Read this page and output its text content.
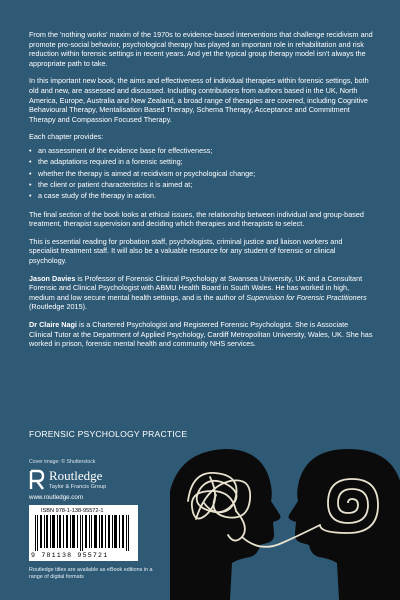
From the 'nothing works' maxim of the 1970s to evidence-based interventions that challenge recidivism and promote pro-social behavior, psychological therapy has played an important role in rehabilitation and risk reduction within forensic settings in recent years. And yet the typical group therapy model isn't always the appropriate path to take.

In this important new book, the aims and effectiveness of individual therapies within forensic settings, both old and new, are assessed and discussed. Including contributions from authors based in the UK, North America, Europe, Australia and New Zealand, a broad range of therapies are covered, including Cognitive Behavioural Therapy, Mentalisation Based Therapy, Schema Therapy, Acceptance and Commitment Therapy and Compassion Focused Therapy.

Each chapter provides:

• an assessment of the evidence base for effectiveness;
• the adaptations required in a forensic setting;
• whether the therapy is aimed at recidivism or psychological change;
• the client or patient characteristics it is aimed at;
• a case study of the therapy in action.

The final section of the book looks at ethical issues, the relationship between individual and group-based treatment, therapist supervision and deciding which therapies and therapists to select.

This is essential reading for probation staff, psychologists, criminal justice and liaison workers and specialist treatment staff. It will also be a valuable resource for any student of forensic or clinical psychology.

Jason Davies is Professor of Forensic Clinical Psychology at Swansea University, UK and a Consultant Forensic and Clinical Psychologist with ABMU Health Board in South Wales. He has worked in high, medium and low secure mental health settings, and is the author of Supervision for Forensic Practitioners (Routledge 2015).

Dr Claire Nagi is a Chartered Psychologist and Registered Forensic Psychologist. She is Associate Clinical Tutor at the Department of Applied Psychology, Cardiff Metropolitan University, Wales, UK. She has worked in prison, forensic mental health and community NHS services.

FORENSIC PSYCHOLOGY PRACTICE
Cover image: © Shutterstock
Routledge
Taylor & Francis Group
www.routledge.com
ISBN 978-1-138-95572-1
9 781138 955721
Routledge titles are available as eBook editions in a range of digital formats
